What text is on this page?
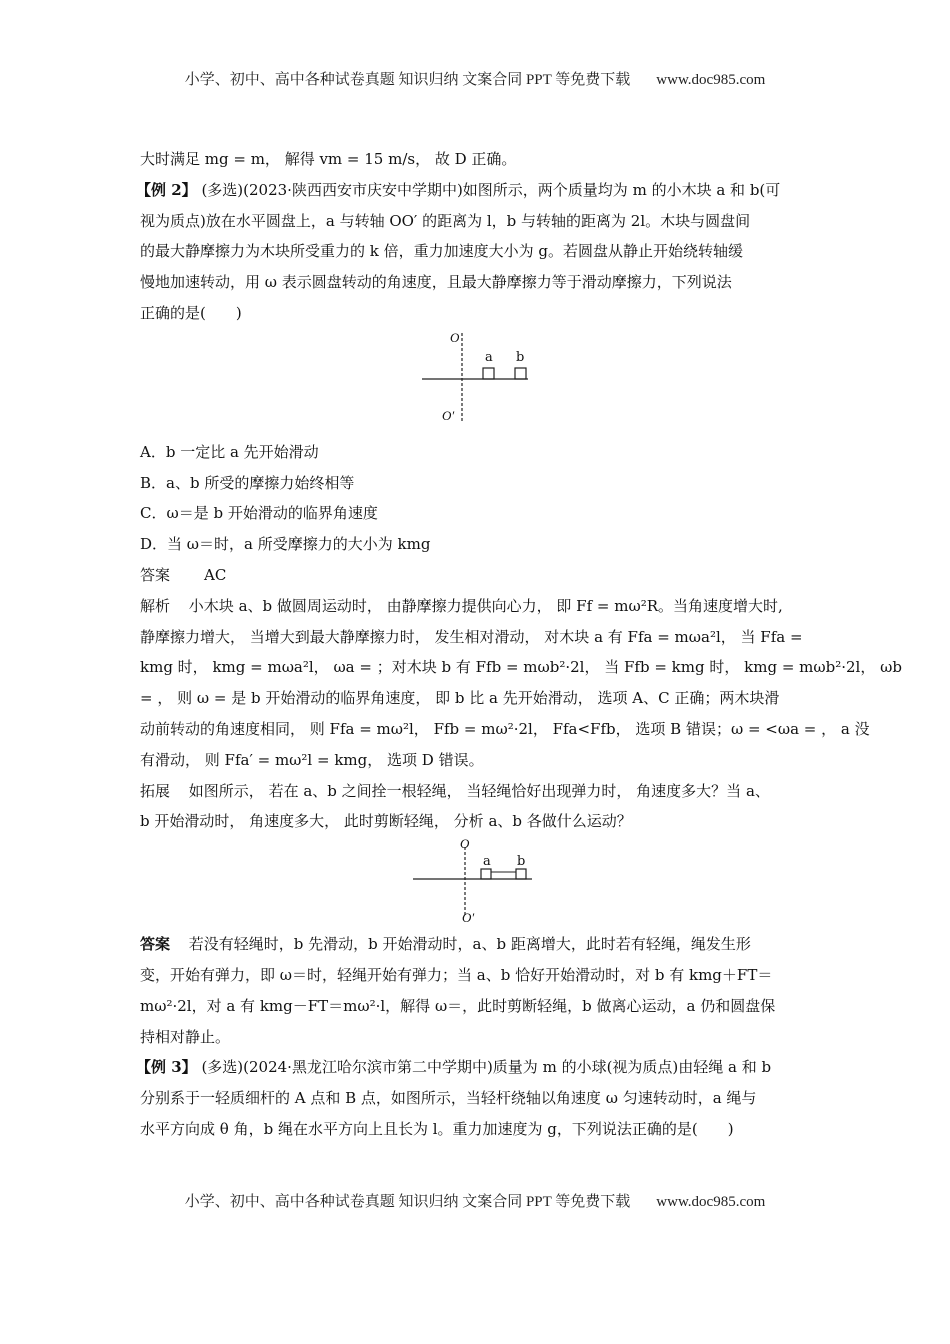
小学、初中、高中各种试卷真题 知识归纳 文案合同 PPT 等免费下载 www.doc985.com
大时满足 mg = m， 解得 vm = 15 m/s， 故 D 正确。
【例 2】 (多选)(2023·陕西西安市庆安中学期中)如图所示，两个质量均为 m 的小木块 a 和 b(可
视为质点)放在水平圆盘上，a 与转轴 OO′ 的距离为 l，b 与转轴的距离为 2l。木块与圆盘间
的最大静摩擦力为木块所受重力的 k 倍，重力加速度大小为 g。若圆盘从静止开始绕转轴缓
慢地加速转动，用 ω 表示圆盘转动的角速度，且最大静摩擦力等于滑动摩擦力，下列说法
正确的是(　　)
O
O′
a b
A．b 一定比 a 先开始滑动
B．a、b 所受的摩擦力始终相等
C．ω＝是 b 开始滑动的临界角速度
D．当 ω＝时，a 所受摩擦力的大小为 kmg
答案 AC
解析 小木块 a、b 做圆周运动时， 由静摩擦力提供向心力， 即 Ff = mω²R。当角速度增大时,
静摩擦力增大， 当增大到最大静摩擦力时， 发生相对滑动， 对木块 a 有 Ffa = mωa²l， 当 Ffa =
kmg 时， kmg = mωa²l， ωa = ；对木块 b 有 Ffb = mωb²·2l， 当 Ffb = kmg 时， kmg = mωb²·2l， ωb
= ， 则 ω = 是 b 开始滑动的临界角速度， 即 b 比 a 先开始滑动， 选项 A、C 正确；两木块滑
动前转动的角速度相同， 则 Ffa = mω²l， Ffb = mω²·2l， Ffa<Ffb， 选项 B 错误；ω = <ωa = ， a 没
有滑动， 则 Ffa′ = mω²l = kmg， 选项 D 错误。
拓展 如图所示， 若在 a、b 之间拴一根轻绳， 当轻绳恰好出现弹力时， 角速度多大？当 a、
b 开始滑动时， 角速度多大， 此时剪断轻绳， 分析 a、b 各做什么运动？
O
O′
a b
答案 若没有轻绳时，b 先滑动，b 开始滑动时，a、b 距离增大，此时若有轻绳，绳发生形
变，开始有弹力，即 ω＝时，轻绳开始有弹力；当 a、b 恰好开始滑动时，对 b 有 kmg＋FT＝
mω²·2l，对 a 有 kmg－FT＝mω²·l，解得 ω＝，此时剪断轻绳，b 做离心运动，a 仍和圆盘保
持相对静止。
【例 3】 (多选)(2024·黑龙江哈尔滨市第二中学期中)质量为 m 的小球(视为质点)由轻绳 a 和 b
分别系于一轻质细杆的 A 点和 B 点，如图所示，当轻杆绕轴以角速度 ω 匀速转动时，a 绳与
水平方向成 θ 角，b 绳在水平方向上且长为 l。重力加速度为 g，下列说法正确的是(　　)
小学、初中、高中各种试卷真题 知识归纳 文案合同 PPT 等免费下载 www.doc985.com
